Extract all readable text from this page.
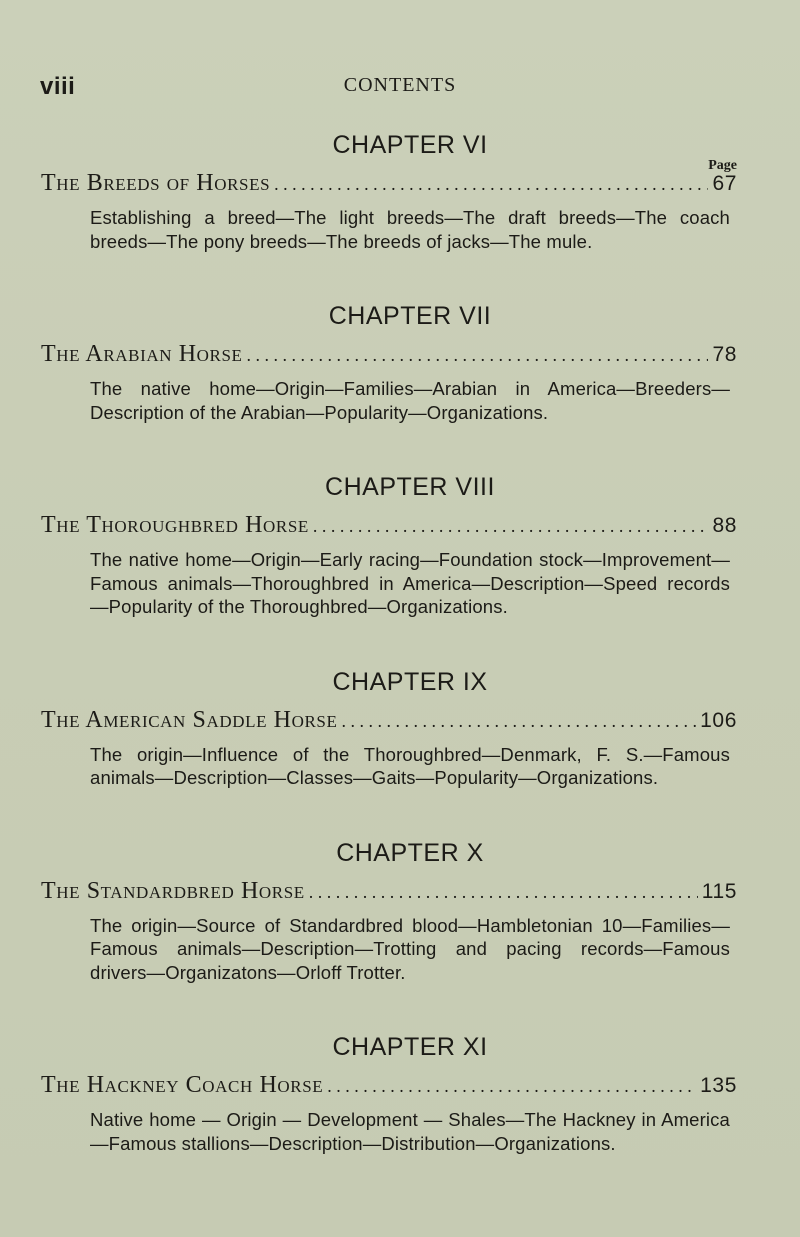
viii	CONTENTS
CHAPTER VI
Page
The Breeds of Horses . . .	67
Establishing a breed—The light breeds—The draft breeds—The coach breeds—The pony breeds—The breeds of jacks—The mule.
CHAPTER VII
The Arabian Horse . . .	78
The native home—Origin—Families—Arabian in America—Breeders—Description of the Arabian—Popularity—Organizations.
CHAPTER VIII
The Thoroughbred Horse . . .	88
The native home—Origin—Early racing—Foundation stock—Improvement—Famous animals—Thoroughbred in America—Description—Speed records—Popularity of the Thoroughbred—Organizations.
CHAPTER IX
The American Saddle Horse . . .	106
The origin—Influence of the Thoroughbred—Denmark, F. S.—Famous animals—Description—Classes—Gaits—Popularity—Organizations.
CHAPTER X
The Standardbred Horse . . .	115
The origin—Source of Standardbred blood—Hambletonian 10—Families—Famous animals—Description—Trotting and pacing records—Famous drivers—Organizatons—Orloff Trotter.
CHAPTER XI
The Hackney Coach Horse . . .	135
Native home — Origin — Development — Shales—The Hackney in America—Famous stallions—Description—Distribution—Organizations.
